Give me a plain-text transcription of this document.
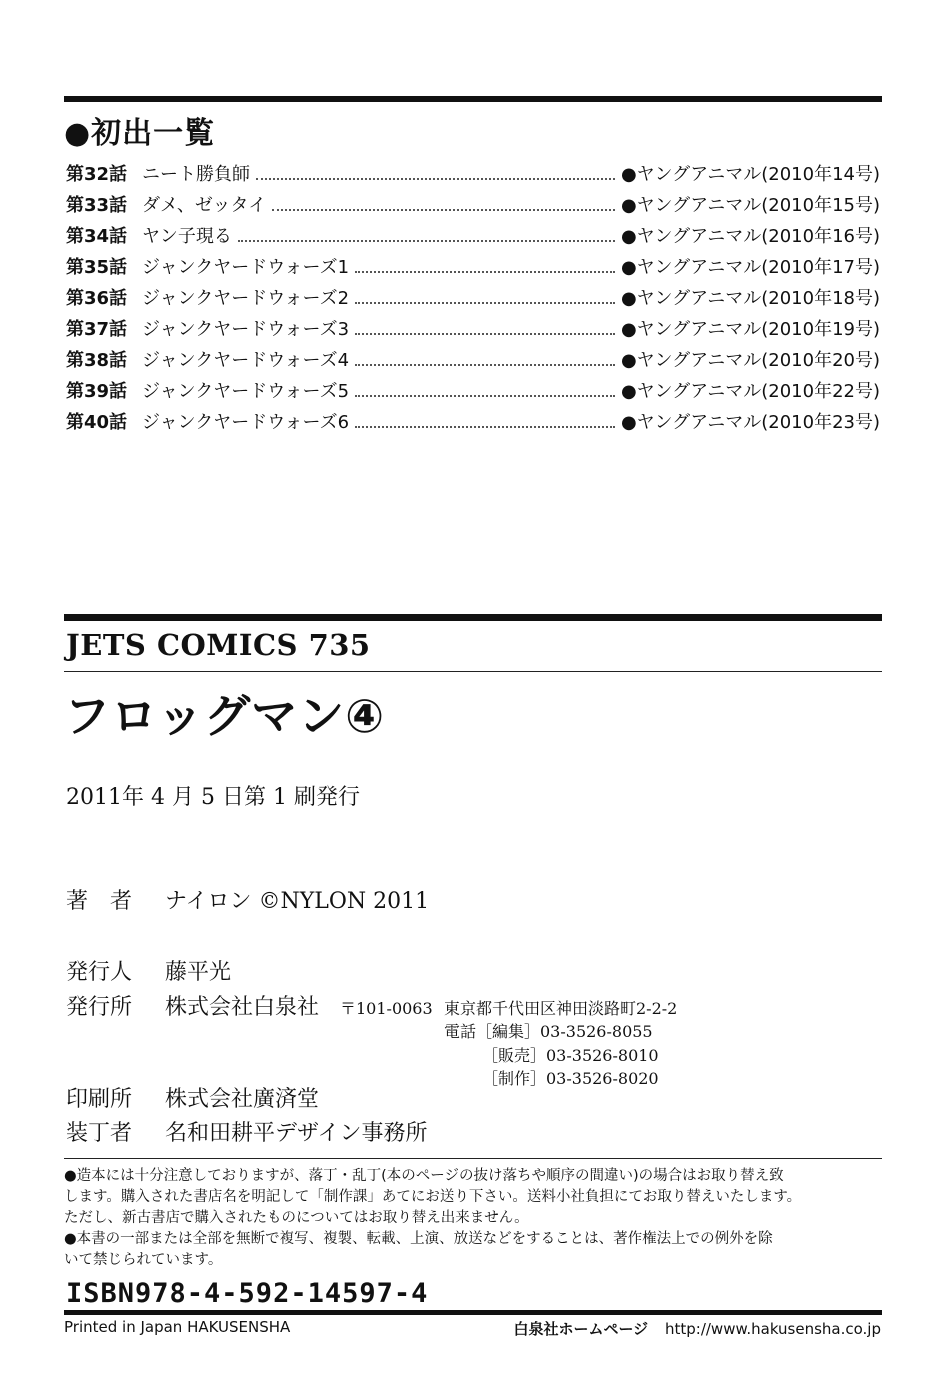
●初出一覧
第32話 ニート勝負師	●ヤングアニマル(2010年14号)
第33話 ダメ、ゼッタイ	●ヤングアニマル(2010年15号)
第34話 ヤン子現る	●ヤングアニマル(2010年16号)
第35話 ジャンクヤードウォーズ1	●ヤングアニマル(2010年17号)
第36話 ジャンクヤードウォーズ2	●ヤングアニマル(2010年18号)
第37話 ジャンクヤードウォーズ3	●ヤングアニマル(2010年19号)
第38話 ジャンクヤードウォーズ4	●ヤングアニマル(2010年20号)
第39話 ジャンクヤードウォーズ5	●ヤングアニマル(2010年22号)
第40話 ジャンクヤードウォーズ6	●ヤングアニマル(2010年23号)
JETS COMICS 735
フロッグマン④
2011年 4 月 5 日第 1 刷発行
著者 ナイロン ©NYLON 2011
発行人 藤平光
発行所 株式会社白泉社 〒101-0063 東京都千代田区神田淡路町2-2-2
電話［編集］03-3526-8055
［販売］03-3526-8010
［制作］03-3526-8020
印刷所 株式会社廣済堂
装丁者 名和田耕平デザイン事務所

●造本には十分注意しておりますが、落丁・乱丁(本のページの抜け落ちや順序の間違い)の場合はお取り替え致

します。購入された書店名を明記して「制作課」あてにお送り下さい。送料小社負担にてお取り替えいたします。

ただし、新古書店で購入されたものについてはお取り替え出来ません。

●本書の一部または全部を無断で複写、複製、転載、上演、放送などをすることは、著作権法上での例外を除

いて禁じられています。

ISBN978-4-592-14597-4
Printed in Japan HAKUSENSHA	白泉社ホームページ http://www.hakusensha.co.jp
